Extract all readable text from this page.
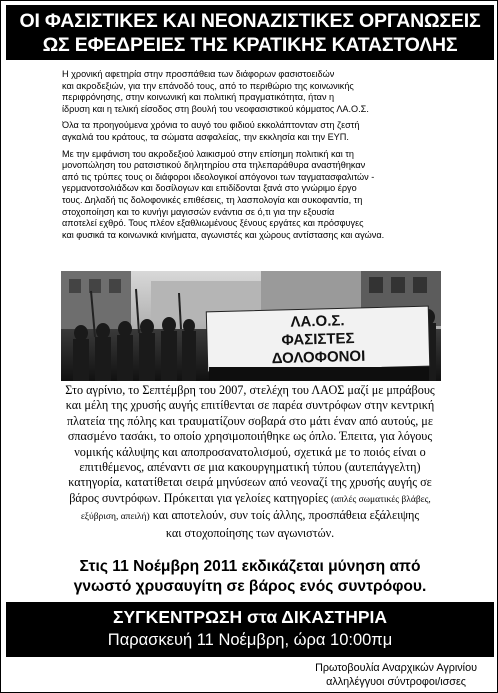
ΟΙ ΦΑΣΙΣΤΙΚΕΣ ΚΑΙ ΝΕΟΝΑΖΙΣΤΙΚΕΣ ΟΡΓΑΝΩΣΕΙΣ
ΩΣ ΕΦΕΔΡΕΙΕΣ ΤΗΣ ΚΡΑΤΙΚΗΣ ΚΑΤΑΣΤΟΛΗΣ

Η χρονική αφετηρία στην προσπάθεια των διάφορων φασιστοειδών
και ακροδεξιών, για την επάνοδό τους, από το περιθώριο της κοινωνικής
περιφρόνησης, στην κοινωνική και πολιτική πραγματικότητα, ήταν η
ίδρυση και η τελική είσοδος στη βουλή του νεοφασιστικού κόμματος ΛΑ.Ο.Σ.

Όλα τα προηγούμενα χρόνια το αυγό του φιδιού εκκολάπτονταν στη ζεστή
αγκαλιά του κράτους, τα σώματα ασφαλείας, την εκκλησία και την ΕΥΠ.

Με την εμφάνιση του ακροδεξιού λαικισμού στην επίσημη πολιτική και τη
μονοπώληση του ρατσιστικού δηλητηρίου στα τηλεπαράθυρα αναστήθηκαν
από τις τρύπες τους οι διάφοροι ιδεολογικοί απόγονοι των ταγματασφαλιτών -
γερμανοτσολιάδων και δοσίλογων και επιδίδονται ξανά στο γνώριμο έργο
τους. Δηλαδή τις δολοφονικές επιθέσεις, τη λασπολογία και συκοφαντία, τη
στοχοποίηση και το κυνήγι μαγισσών ενάντια σε ό,τι για την εξουσία
αποτελεί εχθρό. Τους πλέον εξαθλιωμένους ξένους εργάτες και πρόσφυγες
και φυσικά τα κοινωνικά κινήματα, αγωνιστές και χώρους αντίστασης και αγώνα.

ΛΑ.Ο.Σ.
ΦΑΣΙΣΤΕΣ
ΔΟΛΟΦΟΝΟΙ
Στο αγρίνιο, το Σεπτέμβρη του 2007, στελέχη του ΛΑΟΣ μαζί με μπράβους
και μέλη της χρυσής αυγής επιτίθενται σε παρέα συντρόφων στην κεντρική
πλατεία της πόλης και τραυματίζουν σοβαρά στο μάτι έναν από αυτούς, με
σπασμένο τασάκι, το οποίο χρησιμοποιήθηκε ως όπλο. Έπειτα, για λόγους
νομικής κάλυψης και αποπροσανατολισμού, σχετικά με το ποιός είναι ο
επιτιθέμενος, απέναντι σε μια κακουργηματική τύπου (αυτεπάγγελτη)
κατηγορία, κατατίθεται σειρά μηνύσεων από νεοναζί της χρυσής αυγής σε
βάρος συντρόφων. Πρόκειται για γελοίες κατηγορίες (απλές σωματικές βλάβες,
εξύβριση, απειλή) και αποτελούν, συν τοίς άλλης, προσπάθεια εξάλειψης
και στοχοποίησης των αγωνιστών.
Στις 11 Νοέμβρη 2011 εκδικάζεται μύνηση από
γνωστό χρυσαυγίτη σε βάρος ενός συντρόφου.
ΣΥΓΚΕΝΤΡΩΣΗ στα ΔΙΚΑΣΤΗΡΙΑ
Παρασκευή 11 Νοέμβρη, ώρα 10:00πμ
Πρωτοβουλία Αναρχικών Αγρινίου
αλληλέγγυοι σύντροφοι/ισσες
